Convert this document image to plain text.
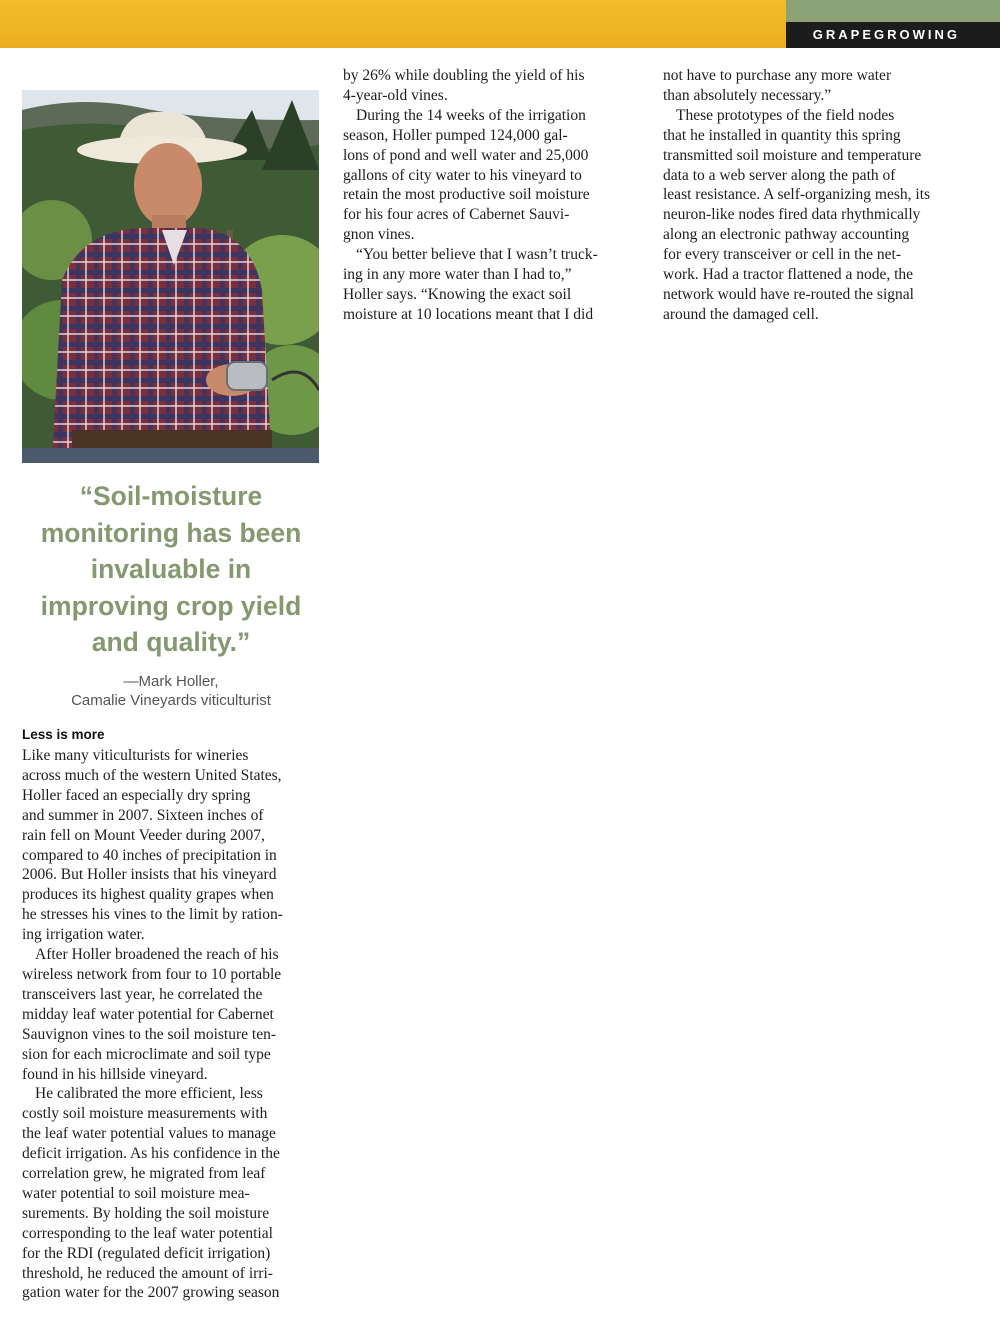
GRAPEGROWING
“Soil-moisture
monitoring has been
invaluable in
improving crop yield
and quality.”
—Mark Holler,
Camalie Vineyards viticulturist
Less is more

Like many viticulturists for wineries
across much of the western United States,
Holler faced an especially dry spring
and summer in 2007. Sixteen inches of
rain fell on Mount Veeder during 2007,
compared to 40 inches of precipitation in
2006. But Holler insists that his vineyard
produces its highest quality grapes when
he stresses his vines to the limit by ration-
ing irrigation water.

After Holler broadened the reach of his
wireless network from four to 10 portable
transceivers last year, he correlated the
midday leaf water potential for Cabernet
Sauvignon vines to the soil moisture ten-
sion for each microclimate and soil type
found in his hillside vineyard.

He calibrated the more efficient, less
costly soil moisture measurements with
the leaf water potential values to manage
deficit irrigation. As his confidence in the
correlation grew, he migrated from leaf
water potential to soil moisture mea-
surements. By holding the soil moisture
corresponding to the leaf water potential
for the RDI (regulated deficit irrigation)
threshold, he reduced the amount of irri-
gation water for the 2007 growing season

by 26% while doubling the yield of his
4-year-old vines.

During the 14 weeks of the irrigation
season, Holler pumped 124,000 gal-
lons of pond and well water and 25,000
gallons of city water to his vineyard to
retain the most productive soil moisture
for his four acres of Cabernet Sauvi-
gnon vines.

“You better believe that I wasn’t truck-
ing in any more water than I had to,”
Holler says. “Knowing the exact soil
moisture at 10 locations meant that I did

not have to purchase any more water
than absolutely necessary.”

These prototypes of the field nodes
that he installed in quantity this spring
transmitted soil moisture and temperature
data to a web server along the path of
least resistance. A self-organizing mesh, its
neuron-like nodes fired data rhythmically
along an electronic pathway accounting
for every transceiver or cell in the net-
work. Had a tractor flattened a node, the
network would have re-routed the signal
around the damaged cell.
